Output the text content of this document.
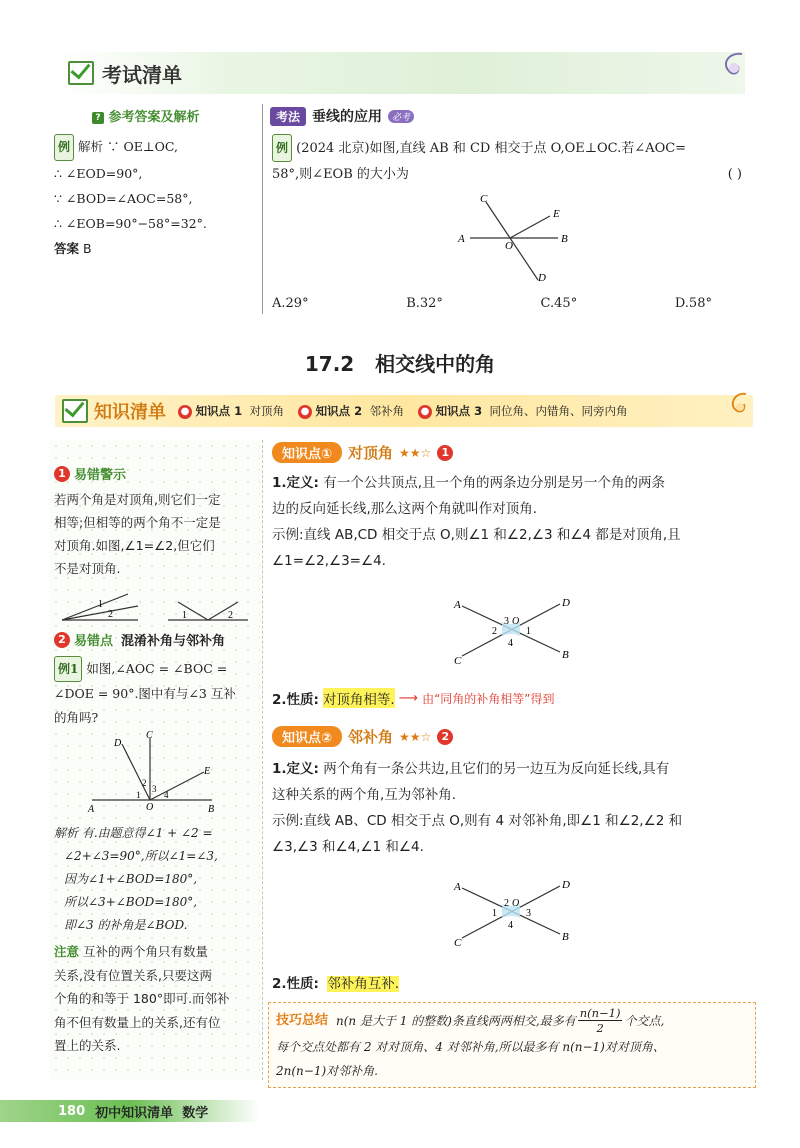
考试清单
? 参考答案及解析
例 解析 ∵ OE⊥OC,
∴ ∠EOD=90°,
∵ ∠BOD=∠AOC=58°,
∴ ∠EOB=90°−58°=32°.
答案 B
考法 垂线的应用	必考
例 (2024 北京)如图,直线 AB 和 CD 相交于点 O,OE⊥OC.若∠AOC=
58°,则∠EOB 的大小为	( )
C
E
A
O
B
D
A.29°	B.32°	C.45°	D.58°
17.2   相交线中的角
知识清单 ● 知识点 1 对顶角 ● 知识点 2 邻补角 ● 知识点 3 同位角、内错角、同旁内角
1 易错警示
若两个角是对顶角,则它们一定
相等;但相等的两个角不一定是
对顶角.如图,∠1=∠2,但它们
不是对顶角.
1
2	1	2
2 易错点 混淆补角与邻补角
例1 如图,∠AOC = ∠BOC =
∠DOE = 90°.图中有与∠3 互补
的角吗?
D
C
E
2
3
1
O
4
A	B
解析 有.由题意得∠1 + ∠2 =
∠2+∠3=90°,所以∠1=∠3,
因为∠1+∠BOD=180°,
所以∠3+∠BOD=180°,
即∠3 的补角是∠BOD.
注意 互补的两个角只有数量
关系,没有位置关系,只要这两
个角的和等于 180°即可.而邻补
角不但有数量上的关系,还有位
置上的关系.
知识点①	对顶角 ★★☆ 1
1.定义: 有一个公共顶点,且一个角的两条边分别是另一个角的两条
边的反向延长线,那么这两个角就叫作对顶角.
示例:直线 AB,CD 相交于点 O,则∠1 和∠2,∠3 和∠4 都是对顶角,且
∠1=∠2,∠3=∠4.
A	D
3 O
2	1
4
C	B
2.性质: 对顶角相等. ⟶ 由“同角的补角相等”得到
知识点②	邻补角 ★★☆ 2
1.定义: 两个角有一条公共边,且它们的另一边互为反向延长线,具有
这种关系的两个角,互为邻补角.
示例:直线 AB、CD 相交于点 O,则有 4 对邻补角,即∠1 和∠2,∠2 和
∠3,∠3 和∠4,∠1 和∠4.
A	D
2 O
1	3
4
C	B
2.性质: 邻补角互补.
技巧总结 n(n 是大于 1 的整数)条直线两两相交,最多有
n(n−1)
2
个交点,
每个交点处都有 2 对对顶角、4 对邻补角,所以最多有 n(n−1)对对顶角、
2n(n−1)对邻补角.
180 初中知识清单  数学
